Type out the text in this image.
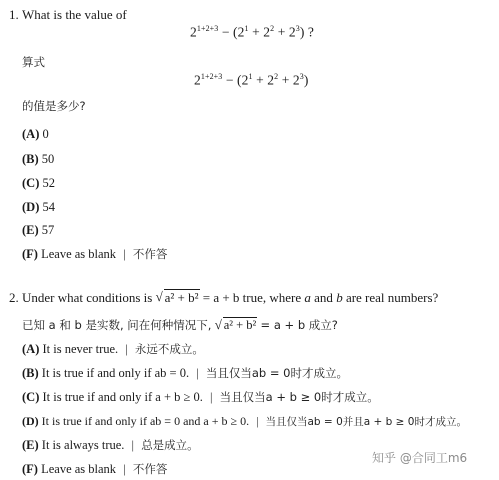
1. What is the value of
$2^{1+2+3} - (2^1 + 2^2 + 2^3)$ ?
算式
$2^{1+2+3} - (2^1 + 2^2 + 2^3)$
的值是多少?
(A) 0
(B) 50
(C) 52
(D) 54
(E) 57
(F) Leave as blank | 不作答
2. Under what conditions is √ a² + b² = a + b true, where a and b are real numbers?
已知 a 和 b 是实数, 问在何种情况下, √ a² + b² = a + b 成立?
(A) It is never true. | 永远不成立。
(B) It is true if and only if ab = 0. | 当且仅当ab = 0时才成立。
(C) It is true if and only if a + b ≥ 0. | 当且仅当a + b ≥ 0时才成立。
(D) It is true if and only if ab = 0 and a + b ≥ 0. | 当且仅当ab = 0并且a + b ≥ 0时才成立。
(E) It is always true. | 总是成立。
(F) Leave as blank | 不作答
知乎 @合同工m6
